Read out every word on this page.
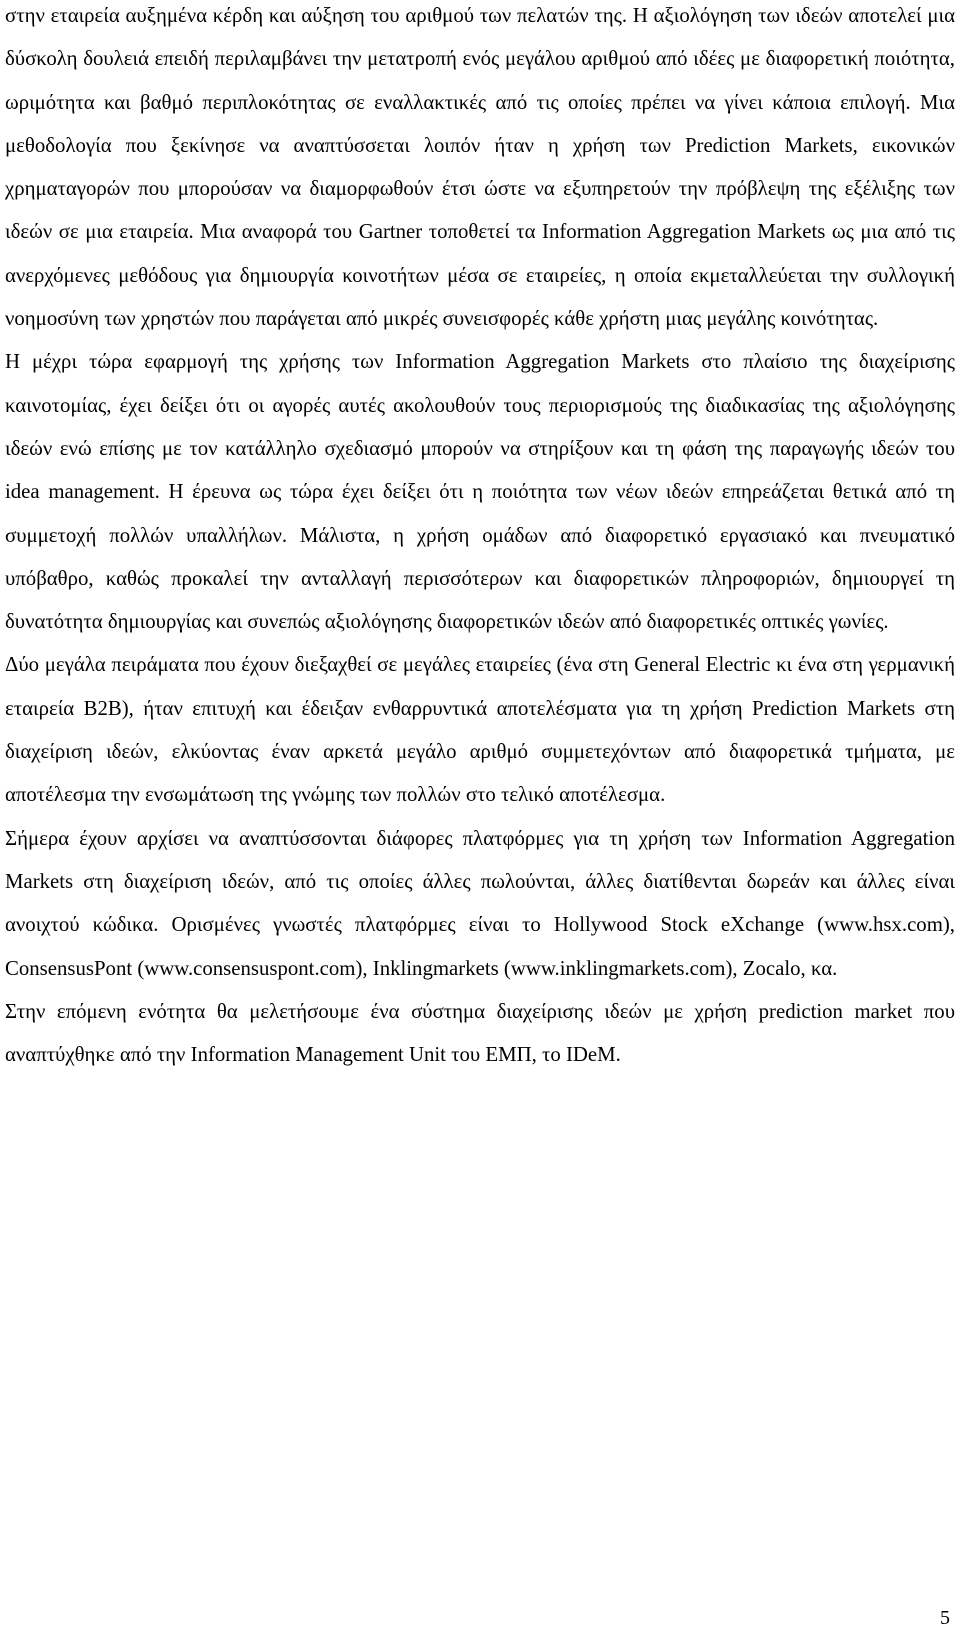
στην εταιρεία αυξημένα κέρδη και αύξηση του αριθμού των πελατών της. Η αξιολόγηση των ιδεών αποτελεί μια δύσκολη δουλειά επειδή περιλαμβάνει την μετατροπή ενός μεγάλου αριθμού από ιδέες με διαφορετική ποιότητα, ωριμότητα και βαθμό περιπλοκότητας σε εναλλακτικές από τις οποίες πρέπει να γίνει κάποια επιλογή. Μια μεθοδολογία που ξεκίνησε να αναπτύσσεται λοιπόν ήταν η χρήση των Prediction Markets, εικονικών χρηματαγορών που μπορούσαν να διαμορφωθούν έτσι ώστε να εξυπηρετούν την πρόβλεψη της εξέλιξης των ιδεών σε μια εταιρεία. Μια αναφορά του Gartner τοποθετεί τα Information Aggregation Markets ως μια από τις ανερχόμενες μεθόδους για δημιουργία κοινοτήτων μέσα σε εταιρείες, η οποία εκμεταλλεύεται την συλλογική νοημοσύνη των χρηστών που παράγεται από μικρές συνεισφορές κάθε χρήστη μιας μεγάλης κοινότητας.

Η μέχρι τώρα εφαρμογή της χρήσης των Information Aggregation Markets στο πλαίσιο της διαχείρισης καινοτομίας, έχει δείξει ότι οι αγορές αυτές ακολουθούν τους περιορισμούς της διαδικασίας της αξιολόγησης ιδεών ενώ επίσης με τον κατάλληλο σχεδιασμό μπορούν να στηρίξουν και τη φάση της παραγωγής ιδεών του idea management. Η έρευνα ως τώρα έχει δείξει ότι η ποιότητα των νέων ιδεών επηρεάζεται θετικά από τη συμμετοχή πολλών υπαλλήλων. Μάλιστα, η χρήση ομάδων από διαφορετικό εργασιακό και πνευματικό υπόβαθρο, καθώς προκαλεί την ανταλλαγή περισσότερων και διαφορετικών πληροφοριών, δημιουργεί τη δυνατότητα δημιουργίας και συνεπώς αξιολόγησης διαφορετικών ιδεών από διαφορετικές οπτικές γωνίες.

Δύο μεγάλα πειράματα που έχουν διεξαχθεί σε μεγάλες εταιρείες (ένα στη General Electric κι ένα στη γερμανική εταιρεία B2B), ήταν επιτυχή και έδειξαν ενθαρρυντικά αποτελέσματα για τη χρήση Prediction Markets στη διαχείριση ιδεών, ελκύοντας έναν αρκετά μεγάλο αριθμό συμμετεχόντων από διαφορετικά τμήματα, με αποτέλεσμα την ενσωμάτωση της γνώμης των πολλών στο τελικό αποτέλεσμα.

Σήμερα έχουν αρχίσει να αναπτύσσονται διάφορες πλατφόρμες για τη χρήση των Information Aggregation Markets στη διαχείριση ιδεών, από τις οποίες άλλες πωλούνται, άλλες διατίθενται δωρεάν και άλλες είναι ανοιχτού κώδικα. Ορισμένες γνωστές πλατφόρμες είναι το Hollywood Stock eXchange (www.hsx.com), ConsensusPont (www.consensuspont.com), Inklingmarkets (www.inklingmarkets.com), Zocalo, κα.

Στην επόμενη ενότητα θα μελετήσουμε ένα σύστημα διαχείρισης ιδεών με χρήση prediction market που αναπτύχθηκε από την Information Management Unit του ΕΜΠ, το IDeM.

5
